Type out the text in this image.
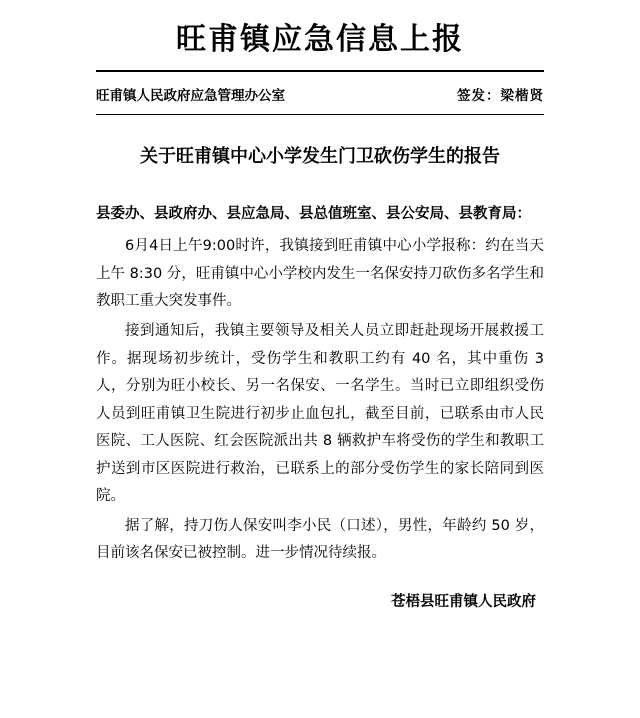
旺甫镇应急信息上报
旺甫镇人民政府应急管理办公室	签发：梁楷贤
关于旺甫镇中心小学发生门卫砍伤学生的报告

县委办、县政府办、县应急局、县总值班室、县公安局、县教育局：

6月4日上午9:00时许，我镇接到旺甫镇中心小学报称：约在当天上午 8:30 分，旺甫镇中心小学校内发生一名保安持刀砍伤多名学生和教职工重大突发事件。

接到通知后，我镇主要领导及相关人员立即赶赴现场开展救援工作。据现场初步统计，受伤学生和教职工约有 40 名，其中重伤 3 人，分别为旺小校长、另一名保安、一名学生。当时已立即组织受伤人员到旺甫镇卫生院进行初步止血包扎，截至目前，已联系由市人民医院、工人医院、红会医院派出共 8 辆救护车将受伤的学生和教职工护送到市区医院进行救治，已联系上的部分受伤学生的家长陪同到医院。

据了解，持刀伤人保安叫李小民（口述），男性，年龄约 50 岁，目前该名保安已被控制。进一步情况待续报。

苍梧县旺甫镇人民政府
